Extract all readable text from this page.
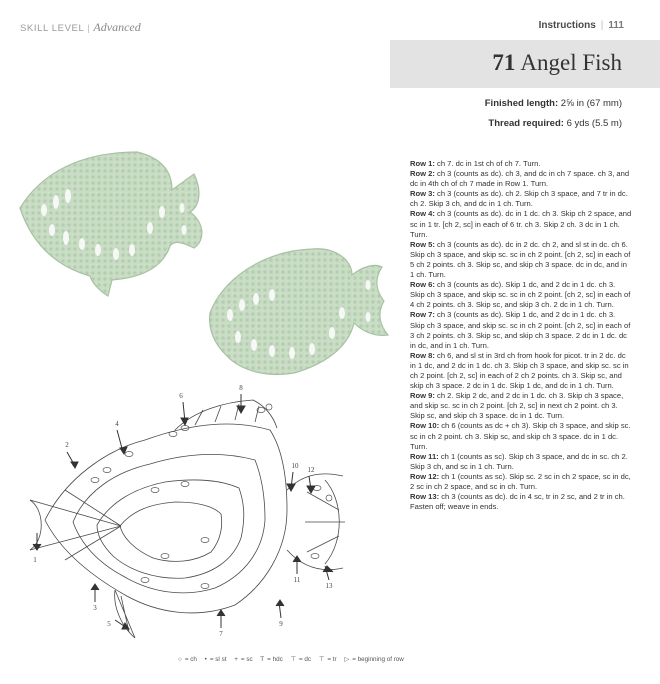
SKILL LEVEL | Advanced	Instructions | 111
71 Angel Fish
Finished length: 2⅝ in (67 mm)
Thread required: 6 yds (5.5 m)
1
2
3
4
5
6
7
8
9
10
11
12
13

Row 1: ch 7. dc in 1st ch of ch 7. Turn.

Row 2: ch 3 (counts as dc). ch 3, and dc in ch 7 space. ch 3, and dc in 4th ch of ch 7 made in Row 1. Turn.

Row 3: ch 3 (counts as dc). ch 2. Skip ch 3 space, and 7 tr in dc. ch 2. Skip 3 ch, and dc in 1 ch. Turn.

Row 4: ch 3 (counts as dc). dc in 1 dc. ch 3. Skip ch 2 space, and sc in 1 tr. [ch 2, sc] in each of 6 tr. ch 3. Skip 2 ch. 3 dc in 1 ch. Turn.

Row 5: ch 3 (counts as dc). dc in 2 dc. ch 2, and sl st in dc. ch 6. Skip ch 3 space, and skip sc. sc in ch 2 point. [ch 2, sc] in each of 5 ch 2 points. ch 3. Skip sc, and skip ch 3 space. dc in dc, and in 1 ch. Turn.

Row 6: ch 3 (counts as dc). Skip 1 dc, and 2 dc in 1 dc. ch 3. Skip ch 3 space, and skip sc. sc in ch 2 point. [ch 2, sc] in each of 4 ch 2 points. ch 3. Skip sc, and skip 3 ch. 2 dc in 1 ch. Turn.

Row 7: ch 3 (counts as dc). Skip 1 dc, and 2 dc in 1 dc. ch 3. Skip ch 3 space, and skip sc. sc in ch 2 point. [ch 2, sc] in each of 3 ch 2 points. ch 3. Skip sc, and skip ch 3 space. 2 dc in 1 dc. dc in dc, and in 1 ch. Turn.

Row 8: ch 6, and sl st in 3rd ch from hook for picot. tr in 2 dc. dc in 1 dc, and 2 dc in 1 dc. ch 3. Skip ch 3 space, and skip sc. sc in ch 2 point. [ch 2, sc] in each of 2 ch 2 points. ch 3. Skip sc, and skip ch 3 space. 2 dc in 1 dc. Skip 1 dc, and dc in 1 ch. Turn.

Row 9: ch 2. Skip 2 dc, and 2 dc in 1 dc. ch 3. Skip ch 3 space, and skip sc. sc in ch 2 point. [ch 2, sc] in next ch 2 point. ch 3. Skip sc, and skip ch 3 space. dc in 1 dc. Turn.

Row 10: ch 6 (counts as dc + ch 3). Skip ch 3 space, and skip sc. sc in ch 2 point. ch 3. Skip sc, and skip ch 3 space. dc in 1 dc. Turn.

Row 11: ch 1 (counts as sc). Skip ch 3 space, and dc in sc. ch 2. Skip 3 ch, and sc in 1 ch. Turn.

Row 12: ch 1 (counts as sc). Skip sc. 2 sc in ch 2 space, sc in dc, 2 sc in ch 2 space, and sc in ch. Turn.

Row 13: ch 3 (counts as dc). dc in 4 sc, tr in 2 sc, and 2 tr in ch. Fasten off; weave in ends.

○ = ch • = sl st + = sc T = hdc ⊤ = dc ⊤ = tr ▷ = beginning of row
